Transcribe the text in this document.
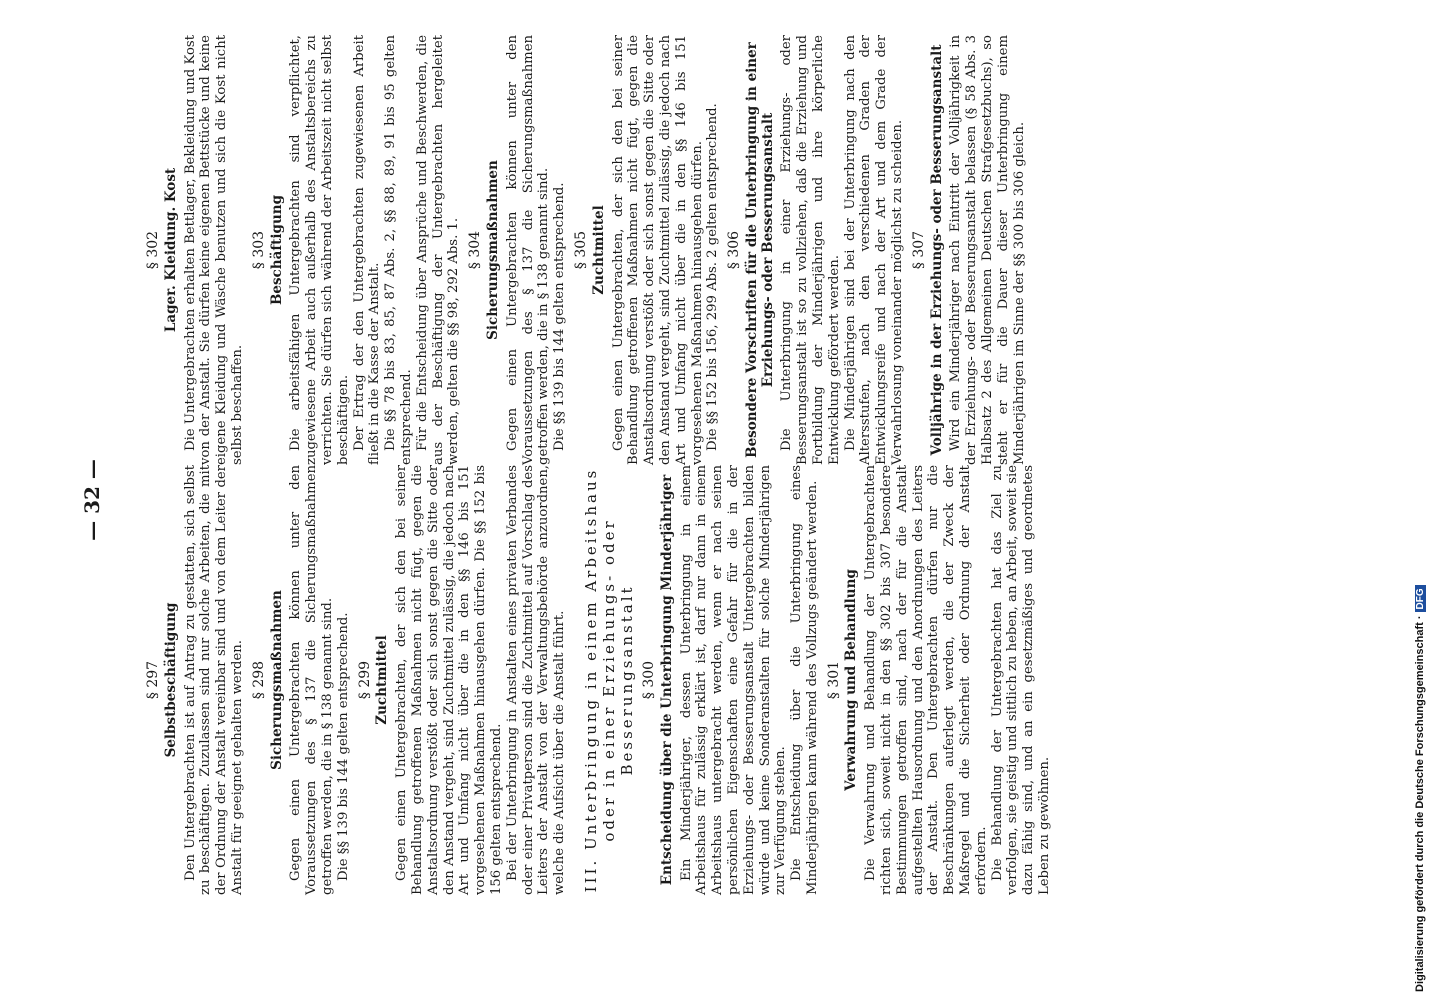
— 32 —
§ 297 Selbstbeschäftigung Den Untergebrachten ist auf Antrag zu gestatten, sich selbst zu beschäftigen. Zuzulassen sind nur solche Arbeiten, die mit der Ordnung der Anstalt vereinbar sind und von dem Leiter der Anstalt für geeignet gehalten werden. § 298 Sicherungsmaßnahmen Gegen einen Untergebrachten können unter den Voraussetzungen des § 137 die Sicherungsmaßnahmen getroffen werden, die in § 138 genannt sind. Die §§ 139 bis 144 gelten entsprechend. § 299 Zuchtmittel Gegen einen Untergebrachten, der sich den bei seiner Behandlung getroffenen Maßnahmen nicht fügt, gegen die Anstaltsordnung verstößt oder sich sonst gegen die Sitte oder den Anstand vergeht, sind Zuchtmittel zulässig, die jedoch nach Art und Umfang nicht über die in den §§ 146 bis 151 vorgesehenen Maßnahmen hinausgehen dürfen. Die §§ 152 bis 156 gelten entsprechend. Bei der Unterbringung in Anstalten eines privaten Verbandes oder einer Privatperson sind die Zuchtmittel auf Vorschlag des Leiters der Anstalt von der Verwaltungsbehörde anzuordnen, welche die Aufsicht über die Anstalt führt. III. Unterbringung in einem Arbeitshaus oder in einer Erziehungs- oder Besserungsanstalt § 300 Entscheidung über die Unterbringung Minderjähriger Ein Minderjähriger, dessen Unterbringung in einem Arbeitshaus für zulässig erklärt ist, darf nur dann in einem Arbeitshaus untergebracht werden, wenn er nach seinen persönlichen Eigenschaften eine Gefahr für die in der Erziehungs- oder Besserungsanstalt Untergebrachten bilden würde und keine Sonderanstalten für solche Minderjährigen zur Verfügung stehen. Die Entscheidung über die Unterbringung eines Minderjährigen kann während des Vollzugs geändert werden. § 301 Verwahrung und Behandlung Die Verwahrung und Behandlung der Untergebrachten richten sich, soweit nicht in den §§ 302 bis 307 besondere Bestimmungen getroffen sind, nach der für die Anstalt aufgestellten Hausordnung und den Anordnungen des Leiters der Anstalt. Den Untergebrachten dürfen nur die Beschränkungen auferlegt werden, die der Zweck der Maßregel und die Sicherheit oder Ordnung der Anstalt erfordern. Die Behandlung der Untergebrachten hat das Ziel zu verfolgen, sie geistig und sittlich zu heben, an Arbeit, soweit sie dazu fähig sind, und an ein gesetzmäßiges und geordnetes Leben zu gewöhnen.

§ 302 Lager. Kleidung. Kost Die Untergebrachten erhalten Bettlager, Bekleidung und Kost von der Anstalt. Sie dürfen keine eigenen Bettstücke und keine eigene Kleidung und Wäsche benutzen und sich die Kost nicht selbst beschaffen.

§ 303 Beschäftigung Die arbeitsfähigen Untergebrachten sind verpflichtet, zugewiesene Arbeit auch außerhalb des Anstaltsbereichs zu verrichten. Sie dürfen sich während der Arbeitszeit nicht selbst beschäftigen. Der Ertrag der den Untergebrachten zugewiesenen Arbeit fließt in die Kasse der Anstalt. Die §§ 78 bis 83, 85, 87 Abs. 2, §§ 88, 89, 91 bis 95 gelten entsprechend. Für die Entscheidung über Ansprüche und Beschwerden, die aus der Beschäftigung der Untergebrachten hergeleitet werden, gelten die §§ 98, 292 Abs. 1. § 304 Sicherungsmaßnahmen Gegen einen Untergebrachten können unter den Voraussetzungen des § 137 die Sicherungsmaßnahmen getroffen werden, die in § 138 genannt sind. Die §§ 139 bis 144 gelten entsprechend. § 305 Zuchtmittel Gegen einen Untergebrachten, der sich den bei seiner Behandlung getroffenen Maßnahmen nicht fügt, gegen die Anstaltsordnung verstößt oder sich sonst gegen die Sitte oder den Anstand vergeht, sind Zuchtmittel zulässig, die jedoch nach Art und Umfang nicht über die in den §§ 146 bis 151 vorgesehenen Maßnahmen hinausgehen dürfen. Die §§ 152 bis 156, 299 Abs. 2 gelten entsprechend. § 306 Besondere Vorschriften für die Unterbringung in einer Erziehungs- oder Besserungsanstalt Die Unterbringung in einer Erziehungs- oder Besserungsanstalt ist so zu vollziehen, daß die Erziehung und Fortbildung der Minderjährigen und ihre körperliche Entwicklung gefördert werden. Die Minderjährigen sind bei der Unterbringung nach den Altersstufen, nach den verschiedenen Graden der Entwicklungsreife und nach der Art und dem Grade der Verwahrlosung voneinander möglichst zu scheiden. § 307 Volljährige in der Erziehungs- oder Besserungsanstalt Wird ein Minderjähriger nach Eintritt der Volljährigkeit in der Erziehungs- oder Besserungsanstalt belassen (§ 58 Abs. 3 Halbsatz 2 des Allgemeinen Deutschen Strafgesetzbuchs), so steht er für die Dauer dieser Unterbringung einem Minderjährigen im Sinne der §§ 300 bis 306 gleich.

Digitalisierung gefördert durch die Deutsche Forschungsgemeinschaft ·DFG
